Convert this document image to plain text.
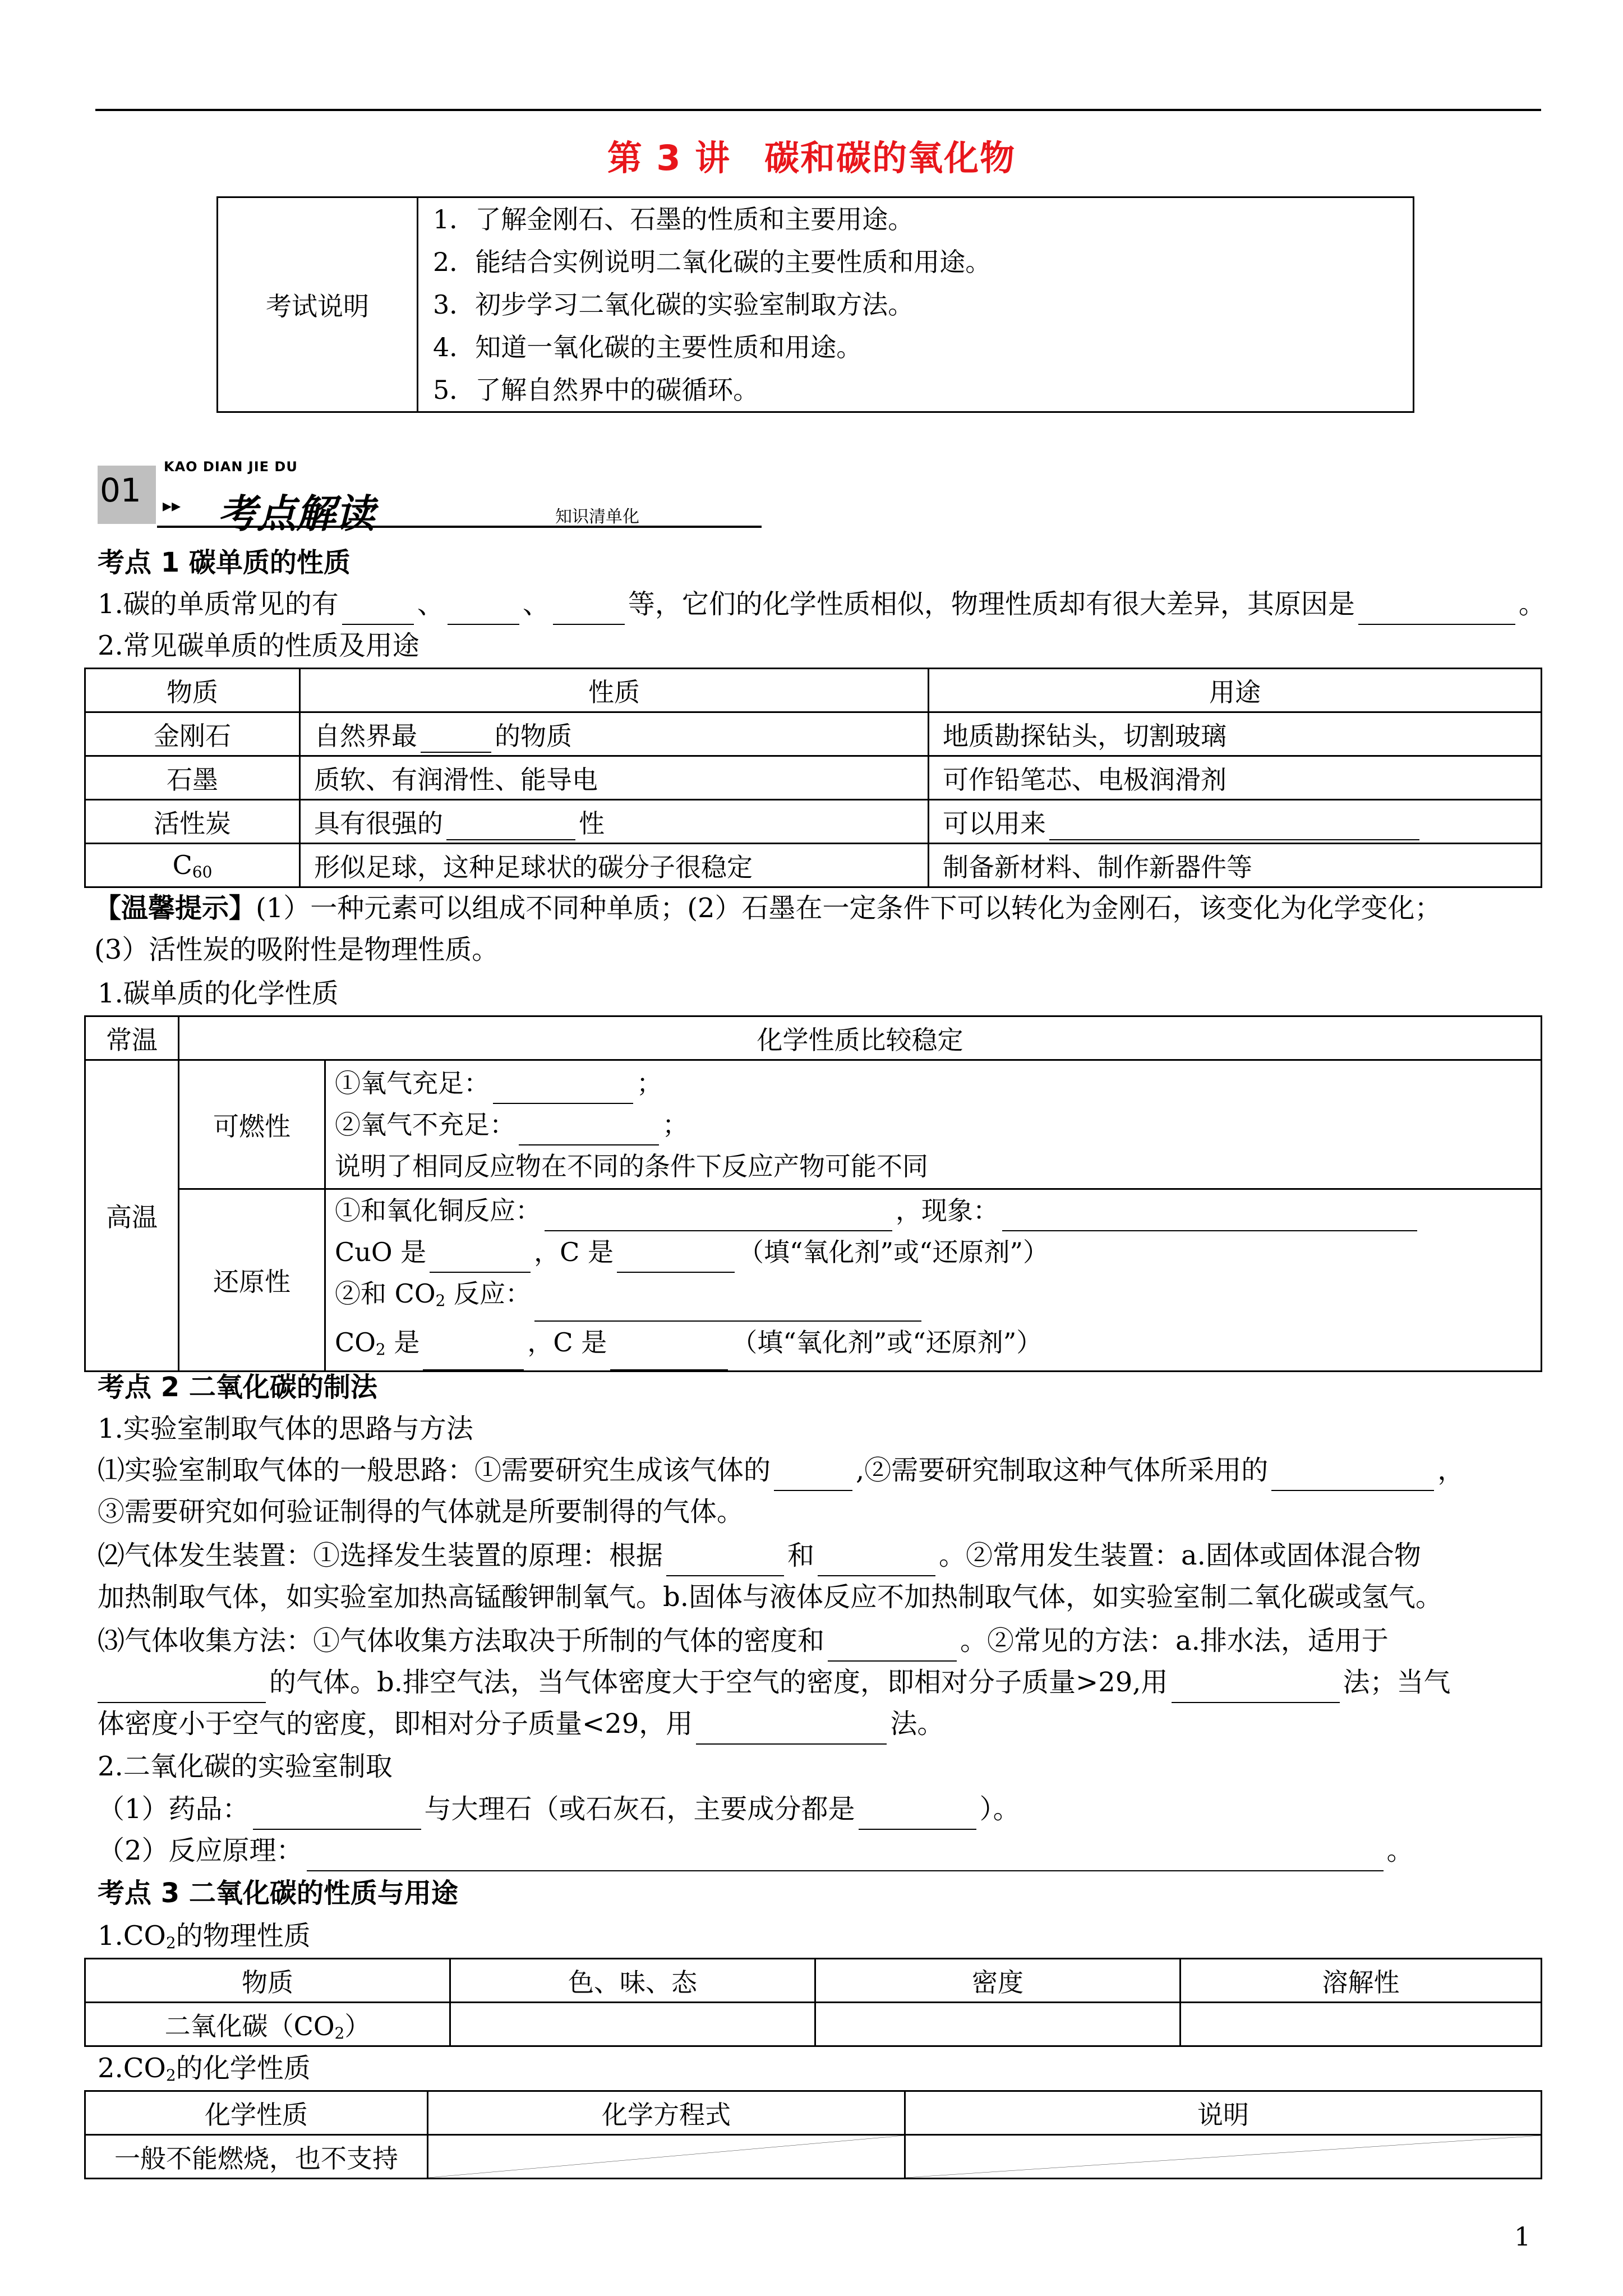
第 3 讲 碳和碳的氧化物
考试说明	
1．了解金刚石、石墨的性质和主要用途。
2．能结合实例说明二氧化碳的主要性质和用途。
3．初步学习二氧化碳的实验室制取方法。
4．知道一氧化碳的主要性质和用途。
5．了解自然界中的碳循环。
01
KAO DIAN JIE DU
▸▸ 考点解读	知识清单化
考点 1 碳单质的性质
1.碳的单质常见的有	、	、	等，它们的化学性质相似，物理性质却有很大差异，其原因是	。
2.常见碳单质的性质及用途
物质	性质	用途
金刚石	自然界最 的物质	地质勘探钻头，切割玻璃
石墨	质软、有润滑性、能导电	可作铅笔芯、电极润滑剂
活性炭	具有很强的 性	可以用来
$C_{60}$	形似足球，这种足球状的碳分子很稳定	制备新材料、制作新器件等
【温馨提示】(1）一种元素可以组成不同种单质；(2）石墨在一定条件下可以转化为金刚石，该变化为化学变化；
(3）活性炭的吸附性是物理性质。
1.碳单质的化学性质
常温	化学性质比较稳定	
高温	可燃性	①氧气充足： ；
②氧气不充足： ；
说明了相同反应物在不同的条件下反应产物可能不同

	还原性	①和氧化铜反应： ，现象：
CuO 是 ，C 是 （填“氧化剂”或“还原剂”）
②和 $CO_2$ 反应：
$CO_2$ 是 ，C 是 （填“氧化剂”或“还原剂”）
考点 2 二氧化碳的制法
1.实验室制取气体的思路与方法
⑴实验室制取气体的一般思路：①需要研究生成该气体的	,②需要研究制取这种气体所采用的	，
③需要研究如何验证制得的气体就是所要制得的气体。
⑵气体发生装置：①选择发生装置的原理：根据	和	。②常用发生装置：a.固体或固体混合物
加热制取气体，如实验室加热高锰酸钾制氧气。b.固体与液体反应不加热制取气体，如实验室制二氧化碳或氢气。
⑶气体收集方法：①气体收集方法取决于所制的气体的密度和	。②常见的方法：a.排水法，适用于
的气体。b.排空气法，当气体密度大于空气的密度，即相对分子质量>29,用	法；当气
体密度小于空气的密度，即相对分子质量<29，用	法。
2.二氧化碳的实验室制取
（1）药品：	与大理石（或石灰石，主要成分都是	）。
（2）反应原理：	。
考点 3 二氧化碳的性质与用途
$1.CO_2$的物理性质
物质	色、味、态	密度	溶解性
二氧化碳$(CO_2)$			
$2.CO_2$的化学性质
化学性质	化学方程式	说明
一般不能燃烧，也不支持	

1
